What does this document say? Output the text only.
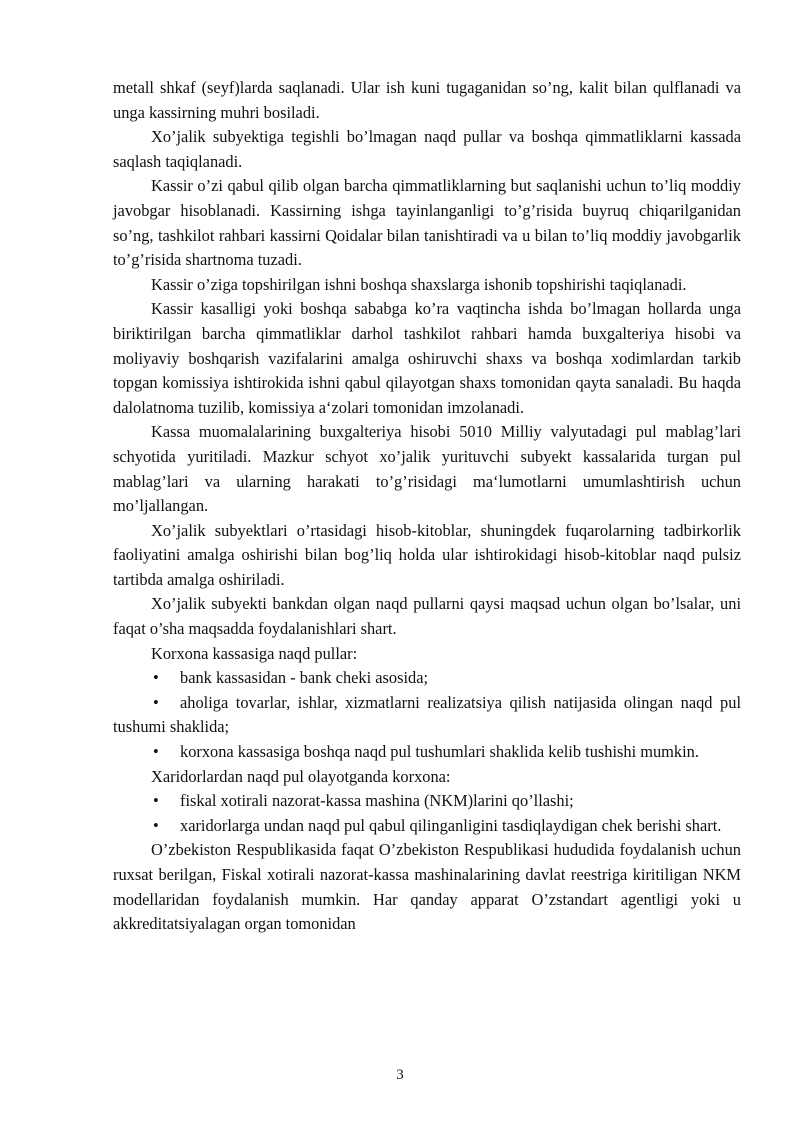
metall shkaf (seyf)larda saqlanadi. Ular ish kuni tugaganidan so’ng, kalit bilan qulflanadi va unga kassirning muhri bosiladi.

Xo’jalik subyektiga tegishli bo’lmagan naqd pullar va boshqa qimmatliklarni kassada saqlash taqiqlanadi.

Kassir o’zi qabul qilib olgan barcha qimmatliklarning but saqlanishi uchun to’liq moddiy javobgar hisoblanadi. Kassirning ishga tayinlanganligi to’g’risida buyruq chiqarilganidan so’ng, tashkilot rahbari kassirni Qoidalar bilan tanishtiradi va u bilan to’liq moddiy javobgarlik to’g’risida shartnoma tuzadi.

Kassir o’ziga topshirilgan ishni boshqa shaxslarga ishonib topshirishi taqiqlanadi.

Kassir kasalligi yoki boshqa sababga ko’ra vaqtincha ishda bo’lmagan hollarda unga biriktirilgan barcha qimmatliklar darhol tashkilot rahbari hamda buxgalteriya hisobi va moliyaviy boshqarish vazifalarini amalga oshiruvchi shaxs va boshqa xodimlardan tarkib topgan komissiya ishtirokida ishni qabul qilayotgan shaxs tomonidan qayta sanaladi. Bu haqda dalolatnoma tuzilib, komissiya a‘zolari tomonidan imzolanadi.

Kassa muomalalarining buxgalteriya hisobi 5010 Milliy valyutadagi pul mablag’lari schyotida yuritiladi. Mazkur schyot xo’jalik yurituvchi subyekt kassalarida turgan pul mablag’lari va ularning harakati to’g’risidagi ma‘lumotlarni umumlashtirish uchun mo’ljallangan.

Xo’jalik subyektlari o’rtasidagi hisob-kitoblar, shuningdek fuqarolarning tadbirkorlik faoliyatini amalga oshirishi bilan bog’liq holda ular ishtirokidagi hisob-kitoblar naqd pulsiz tartibda amalga oshiriladi.

Xo’jalik subyekti bankdan olgan naqd pullarni qaysi maqsad uchun olgan bo’lsalar, uni faqat o’sha maqsadda foydalanishlari shart.

Korxona kassasiga naqd pullar:

• bank kassasidan - bank cheki asosida;

• aholiga tovarlar, ishlar, xizmatlarni realizatsiya qilish natijasida olingan naqd pul tushumi shaklida;

• korxona kassasiga boshqa naqd pul tushumlari shaklida kelib tushishi mumkin.

Xaridorlardan naqd pul olayotganda korxona:

• fiskal xotirali nazorat-kassa mashina (NKM)larini qo’llashi;

• xaridorlarga undan naqd pul qabul qilinganligini tasdiqlaydigan chek berishi shart.

O’zbekiston Respublikasida faqat O’zbekiston Respublikasi hududida foydalanish uchun ruxsat berilgan, Fiskal xotirali nazorat-kassa mashinalarining davlat reestriga kiritiligan NKM modellaridan foydalanish mumkin. Har qanday apparat O’zstandart agentligi yoki u akkreditatsiyalagan organ tomonidan

3
